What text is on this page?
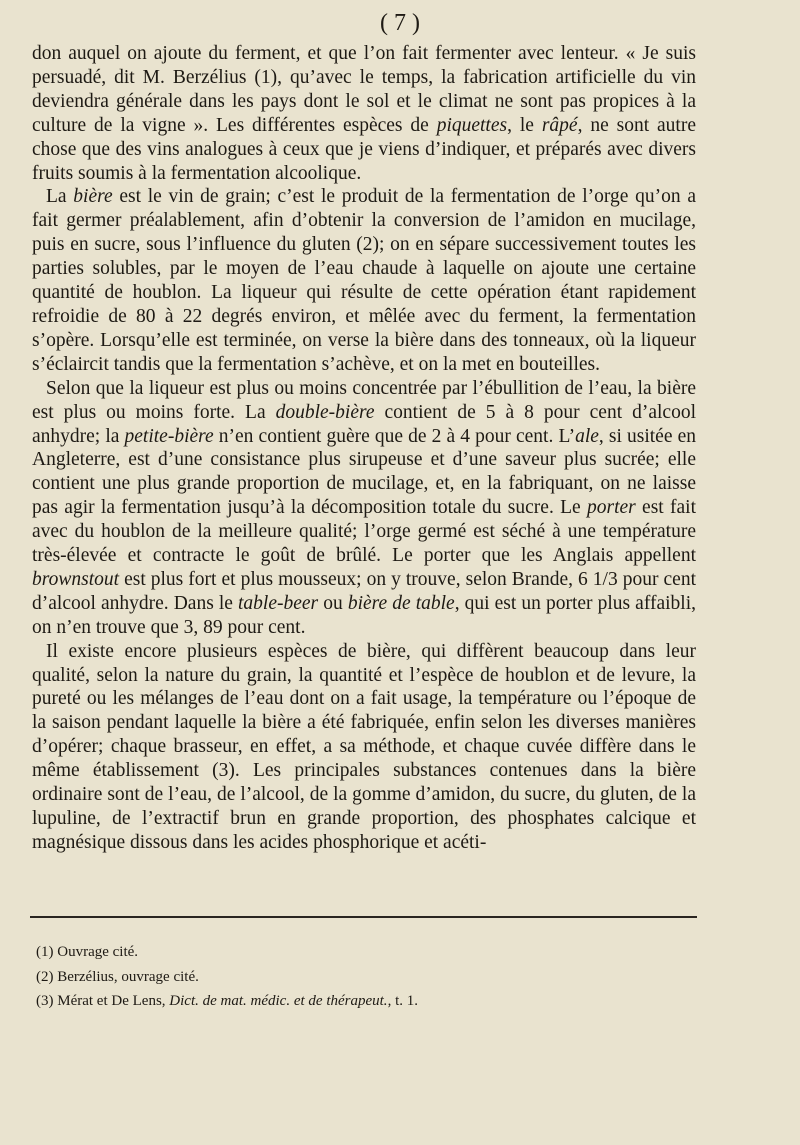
( 7 )

don auquel on ajoute du ferment, et que l’on fait fermenter avec lenteur. « Je suis persuadé, dit M. Berzélius (1), qu’avec le temps, la fabrication artificielle du vin deviendra générale dans les pays dont le sol et le climat ne sont pas propices à la culture de la vigne ». Les différentes espèces de piquettes, le râpé, ne sont autre chose que des vins analogues à ceux que je viens d’indiquer, et préparés avec divers fruits soumis à la fermentation alcoolique.

La bière est le vin de grain; c’est le produit de la fermentation de l’orge qu’on a fait germer préalablement, afin d’obtenir la conversion de l’amidon en mucilage, puis en sucre, sous l’influence du gluten (2); on en sépare successivement toutes les parties solubles, par le moyen de l’eau chaude à laquelle on ajoute une certaine quantité de houblon. La liqueur qui résulte de cette opération étant rapidement refroidie de 80 à 22 degrés environ, et mêlée avec du ferment, la fermentation s’opère. Lorsqu’elle est terminée, on verse la bière dans des tonneaux, où la liqueur s’éclaircit tandis que la fermentation s’achève, et on la met en bouteilles.

Selon que la liqueur est plus ou moins concentrée par l’ébullition de l’eau, la bière est plus ou moins forte. La double-bière contient de 5 à 8 pour cent d’alcool anhydre; la petite-bière n’en contient guère que de 2 à 4 pour cent. L’ale, si usitée en Angleterre, est d’une consistance plus sirupeuse et d’une saveur plus sucrée; elle contient une plus grande proportion de mucilage, et, en la fabriquant, on ne laisse pas agir la fermentation jusqu’à la décomposition totale du sucre. Le porter est fait avec du houblon de la meilleure qualité; l’orge germé est séché à une température très-élevée et contracte le goût de brûlé. Le porter que les Anglais appellent brownstout est plus fort et plus mousseux; on y trouve, selon Brande, 6 1/3 pour cent d’alcool anhydre. Dans le table-beer ou bière de table, qui est un porter plus affaibli, on n’en trouve que 3, 89 pour cent.

Il existe encore plusieurs espèces de bière, qui diffèrent beaucoup dans leur qualité, selon la nature du grain, la quantité et l’espèce de houblon et de levure, la pureté ou les mélanges de l’eau dont on a fait usage, la température ou l’époque de la saison pendant laquelle la bière a été fabriquée, enfin selon les diverses manières d’opérer; chaque brasseur, en effet, a sa méthode, et chaque cuvée diffère dans le même établissement (3). Les principales substances contenues dans la bière ordinaire sont de l’eau, de l’alcool, de la gomme d’amidon, du sucre, du gluten, de la lupuline, de l’extractif brun en grande proportion, des phosphates calcique et magnésique dissous dans les acides phosphorique et acéti-

(1) Ouvrage cité.
(2) Berzélius, ouvrage cité.
(3) Mérat et De Lens, Dict. de mat. médic. et de thérapeut., t. 1.
